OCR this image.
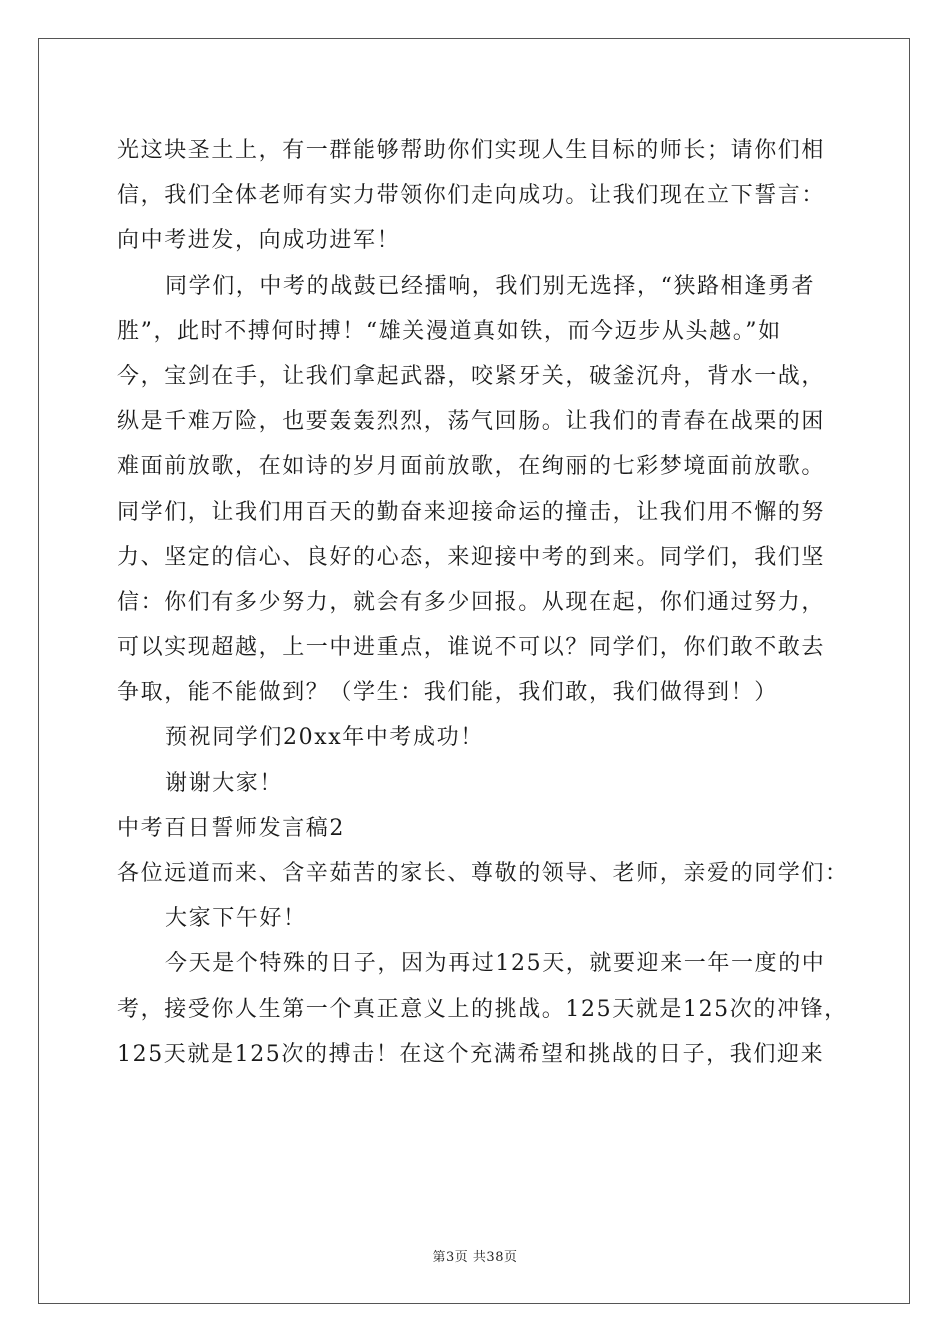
光这块圣土上，有一群能够帮助你们实现人生目标的师长；请你们相
信，我们全体老师有实力带领你们走向成功。让我们现在立下誓言：
向中考进发，向成功进军！
同学们，中考的战鼓已经擂响，我们别无选择，“狭路相逢勇者
胜”，此时不搏何时搏！“雄关漫道真如铁，而今迈步从头越。”如
今，宝剑在手，让我们拿起武器，咬紧牙关，破釜沉舟，背水一战，
纵是千难万险，也要轰轰烈烈，荡气回肠。让我们的青春在战栗的困
难面前放歌，在如诗的岁月面前放歌，在绚丽的七彩梦境面前放歌。
同学们，让我们用百天的勤奋来迎接命运的撞击，让我们用不懈的努
力、坚定的信心、良好的心态，来迎接中考的到来。同学们，我们坚
信：你们有多少努力，就会有多少回报。从现在起，你们通过努力，
可以实现超越，上一中进重点，谁说不可以？同学们，你们敢不敢去
争取，能不能做到？（学生：我们能，我们敢，我们做得到！）
预祝同学们20xx年中考成功！
谢谢大家！
中考百日誓师发言稿2
各位远道而来、含辛茹苦的家长、尊敬的领导、老师，亲爱的同学们：
大家下午好！
今天是个特殊的日子，因为再过125天，就要迎来一年一度的中
考，接受你人生第一个真正意义上的挑战。125天就是125次的冲锋，
125天就是125次的搏击！在这个充满希望和挑战的日子，我们迎来
第3页 共38页
